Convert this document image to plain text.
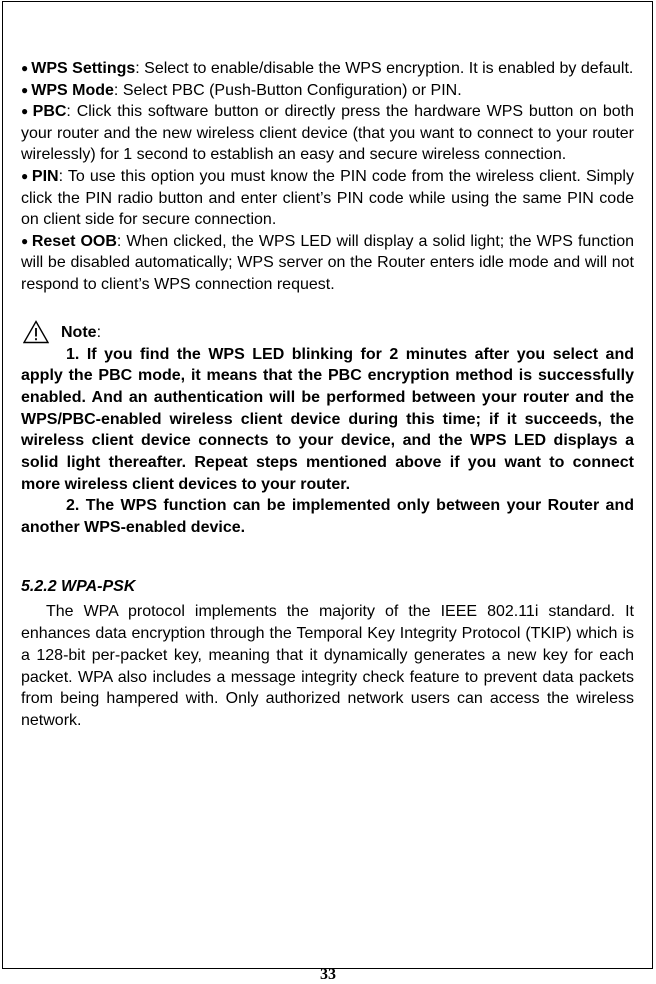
● WPS Settings: Select to enable/disable the WPS encryption. It is enabled by default.

● WPS Mode: Select PBC (Push-Button Configuration) or PIN.

● PBC: Click this software button or directly press the hardware WPS button on both your router and the new wireless client device (that you want to connect to your router wirelessly) for 1 second to establish an easy and secure wireless connection.

● PIN: To use this option you must know the PIN code from the wireless client. Simply click the PIN radio button and enter client’s PIN code while using the same PIN code on client side for secure connection.

● Reset OOB: When clicked, the WPS LED will display a solid light; the WPS function will be disabled automatically; WPS server on the Router enters idle mode and will not respond to client’s WPS connection request.

Note :

1. If you find the WPS LED blinking for 2 minutes after you select and apply the PBC mode, it means that the PBC encryption method is successfully enabled. And an authentication will be performed between your router and the WPS/PBC-enabled wireless client device during this time; if it succeeds, the wireless client device connects to your device, and the WPS LED displays a solid light thereafter. Repeat steps mentioned above if you want to connect more wireless client devices to your router.

2. The WPS function can be implemented only between your Router and another WPS-enabled device.

5.2.2 WPA-PSK

The WPA protocol implements the majority of the IEEE 802.11i standard. It enhances data encryption through the Temporal Key Integrity Protocol (TKIP) which is a 128-bit per-packet key, meaning that it dynamically generates a new key for each packet. WPA also includes a message integrity check feature to prevent data packets from being hampered with. Only authorized network users can access the wireless network.

33
